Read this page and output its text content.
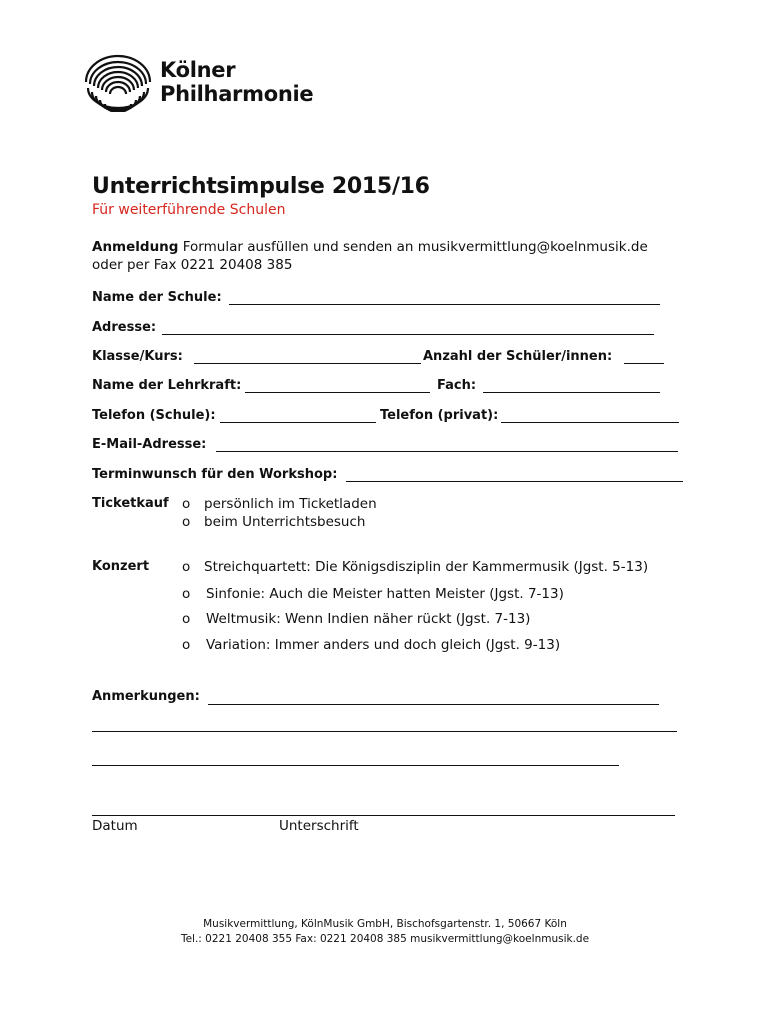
Kölner
Philharmonie
Unterrichtsimpulse 2015/16
Für weiterführende Schulen
Anmeldung Formular ausfüllen und senden an musikvermittlung@koelnmusik.de
oder per Fax 0221 20408 385
Name der Schule:
Adresse:
Klasse/Kurs:	Anzahl der Schüler/innen:
Name der Lehrkraft:	Fach:
Telefon (Schule):	Telefon (privat):
E-Mail-Adresse:
Terminwunsch für den Workshop:
Ticketkauf o persönlich im Ticketladen
o beim Unterrichtsbesuch
Konzert o Streichquartett: Die Königsdisziplin der Kammermusik (Jgst. 5-13)
o Sinfonie: Auch die Meister hatten Meister (Jgst. 7-13)
o Weltmusik: Wenn Indien näher rückt (Jgst. 7-13)
o Variation: Immer anders und doch gleich (Jgst. 9-13)
Anmerkungen:
Datum	Unterschrift
Musikvermittlung, KölnMusik GmbH, Bischofsgartenstr. 1, 50667 Köln
Tel.: 0221 20408 355 Fax: 0221 20408 385 musikvermittlung@koelnmusik.de
